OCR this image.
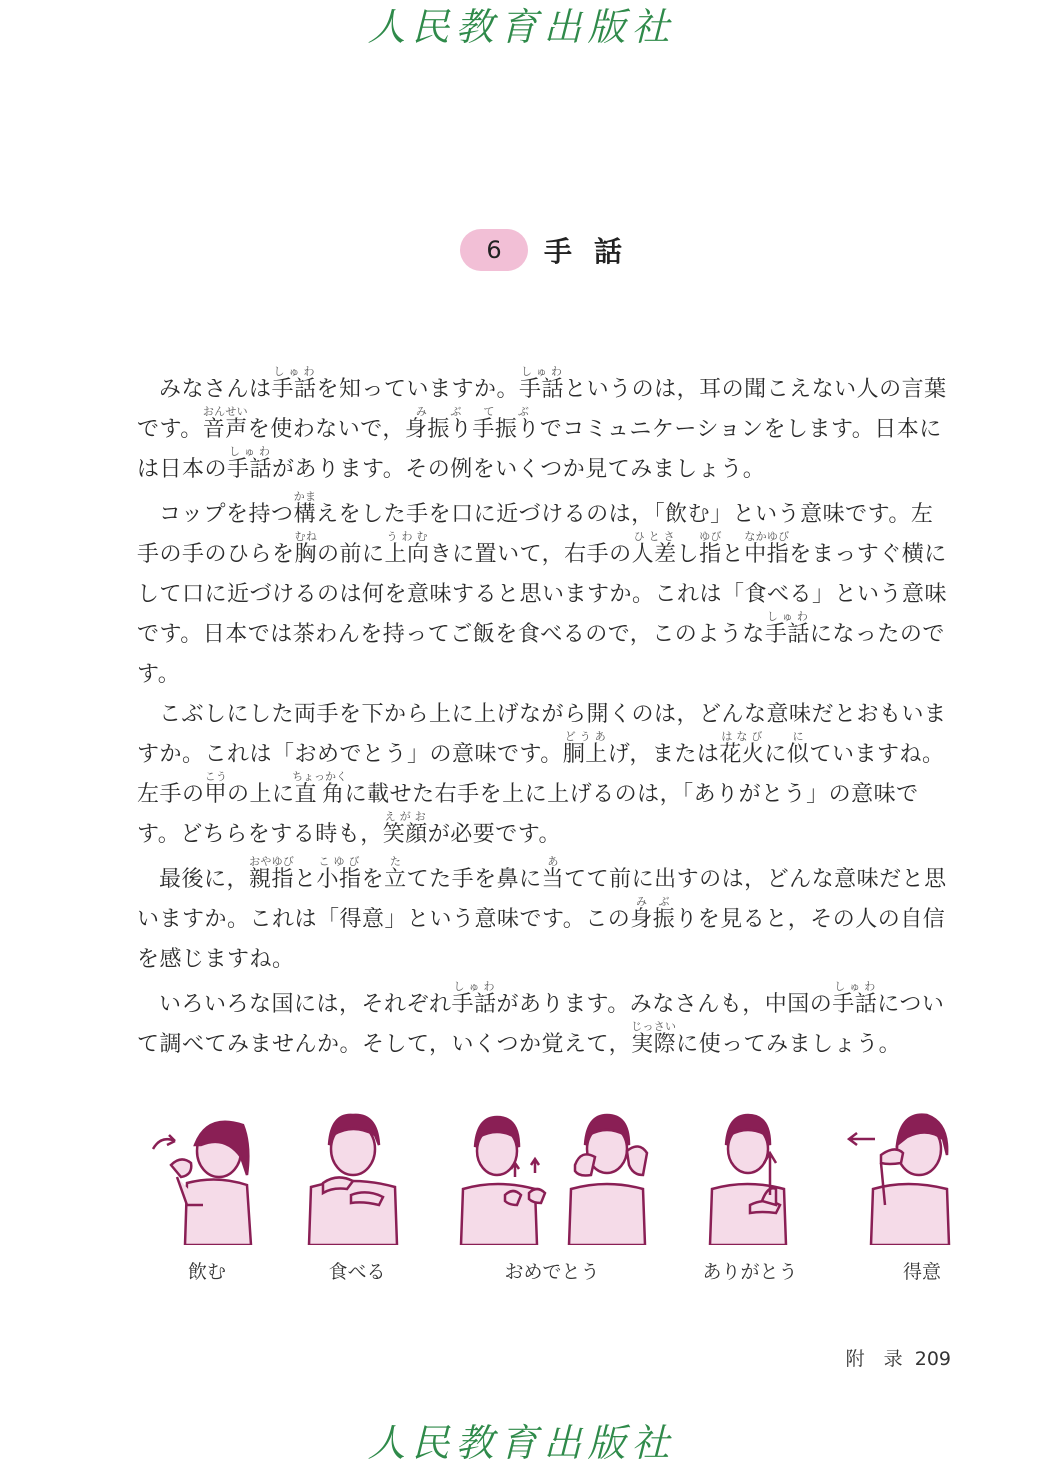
人民教育出版社
6	手話

みなさんは手話しゅわを知っていますか。手話しゅわというのは，耳の聞こえない人の言葉です。音声おんせいを使わないで，身振りみぶ手振りてぶでコミュニケーションをします。日本には日本の手話しゅわがあります。その例をいくつか見てみましょう。

コップを持つ構かまえをした手を口に近づけるのは，「飲む」という意味です。左手の手のひらを胸むねの前に上向うわむきに置いて，右手の人差ひとさし指ゆびと中指なかゆびをまっすぐ横にして口に近づけるのは何を意味すると思いますか。これは「食べる」という意味です。日本では茶わんを持ってご飯を食べるので，このような手話しゅわになったのです。

こぶしにした両手を下から上に上げながら開くのは，どんな意味だとおもいますか。これは「おめでとう」の意味です。胴上どうあげ，または花火はなびに似にていますね。左手の甲こうの上に直角ちょっかくに載せた右手を上に上げるのは，「ありがとう」の意味です。どちらをする時も，笑顔えがおが必要です。

最後に，親指おやゆびと小指こゆびを立たてた手を鼻に当あてて前に出すのは，どんな意味だと思いますか。これは「得意」という意味です。この身振みぶりを見ると，その人の自信を感じますね。

いろいろな国には，それぞれ手話しゅわがあります。みなさんも，中国の手話しゅわについて調べてみませんか。そして，いくつか覚えて，実際じっさいに使ってみましょう。

飲む	食べる	おめでとう	ありがとう	得意
附　录 209
人民教育出版社
